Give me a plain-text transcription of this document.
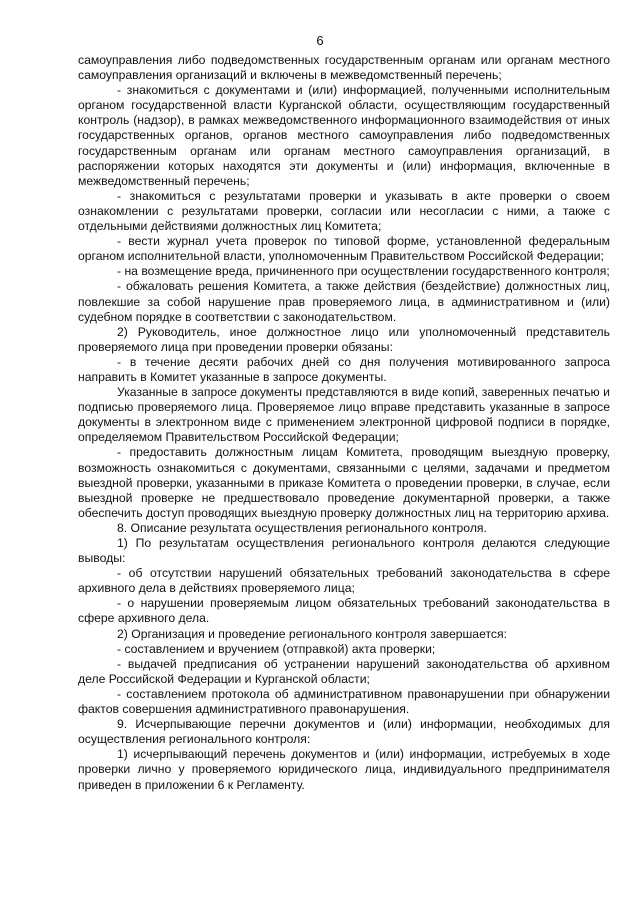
6

самоуправления либо подведомственных государственным органам или органам местного самоуправления организаций и включены в межведомственный перечень;

- знакомиться с документами и (или) информацией, полученными исполнительным органом государственной власти Курганской области, осуществляющим государственный контроль (надзор), в рамках межведомственного информационного взаимодействия от иных государственных органов, органов местного самоуправления либо подведомственных государственным органам или органам местного самоуправления организаций, в распоряжении которых находятся эти документы и (или) информация, включенные в межведомственный перечень;

- знакомиться с результатами проверки и указывать в акте проверки о своем ознакомлении с результатами проверки, согласии или несогласии с ними, а также с отдельными действиями должностных лиц Комитета;

- вести журнал учета проверок по типовой форме, установленной федеральным органом исполнительной власти, уполномоченным Правительством Российской Федерации;

- на возмещение вреда, причиненного при осуществлении государственного контроля;

- обжаловать решения Комитета, а также действия (бездействие) должностных лиц, повлекшие за собой нарушение прав проверяемого лица, в административном и (или) судебном порядке в соответствии с законодательством.

2) Руководитель, иное должностное лицо или уполномоченный представитель проверяемого лица при проведении проверки обязаны:

- в течение десяти рабочих дней со дня получения мотивированного запроса направить в Комитет указанные в запросе документы.

Указанные в запросе документы представляются в виде копий, заверенных печатью и подписью проверяемого лица. Проверяемое лицо вправе представить указанные в запросе документы в электронном виде с применением электронной цифровой подписи в порядке, определяемом Правительством Российской Федерации;

- предоставить должностным лицам Комитета, проводящим выездную проверку, возможность ознакомиться с документами, связанными с целями, задачами и предметом выездной проверки, указанными в приказе Комитета о проведении проверки, в случае, если выездной проверке не предшествовало проведение документарной проверки, а также обеспечить доступ проводящих выездную проверку должностных лиц на территорию архива.

8. Описание результата осуществления регионального контроля.

1) По результатам осуществления регионального контроля делаются следующие выводы:

- об отсутствии нарушений обязательных требований законодательства в сфере архивного дела в действиях проверяемого лица;

- о нарушении проверяемым лицом обязательных требований законодательства в сфере архивного дела.

2) Организация и проведение регионального контроля завершается:

- составлением и вручением (отправкой) акта проверки;

- выдачей предписания об устранении нарушений законодательства об архивном деле Российской Федерации и Курганской области;

- составлением протокола об административном правонарушении при обнаружении фактов совершения административного правонарушения.

9. Исчерпывающие перечни документов и (или) информации, необходимых для осуществления регионального контроля:

1) исчерпывающий перечень документов и (или) информации, истребуемых в ходе проверки лично у проверяемого юридического лица, индивидуального предпринимателя приведен в приложении 6 к Регламенту.
